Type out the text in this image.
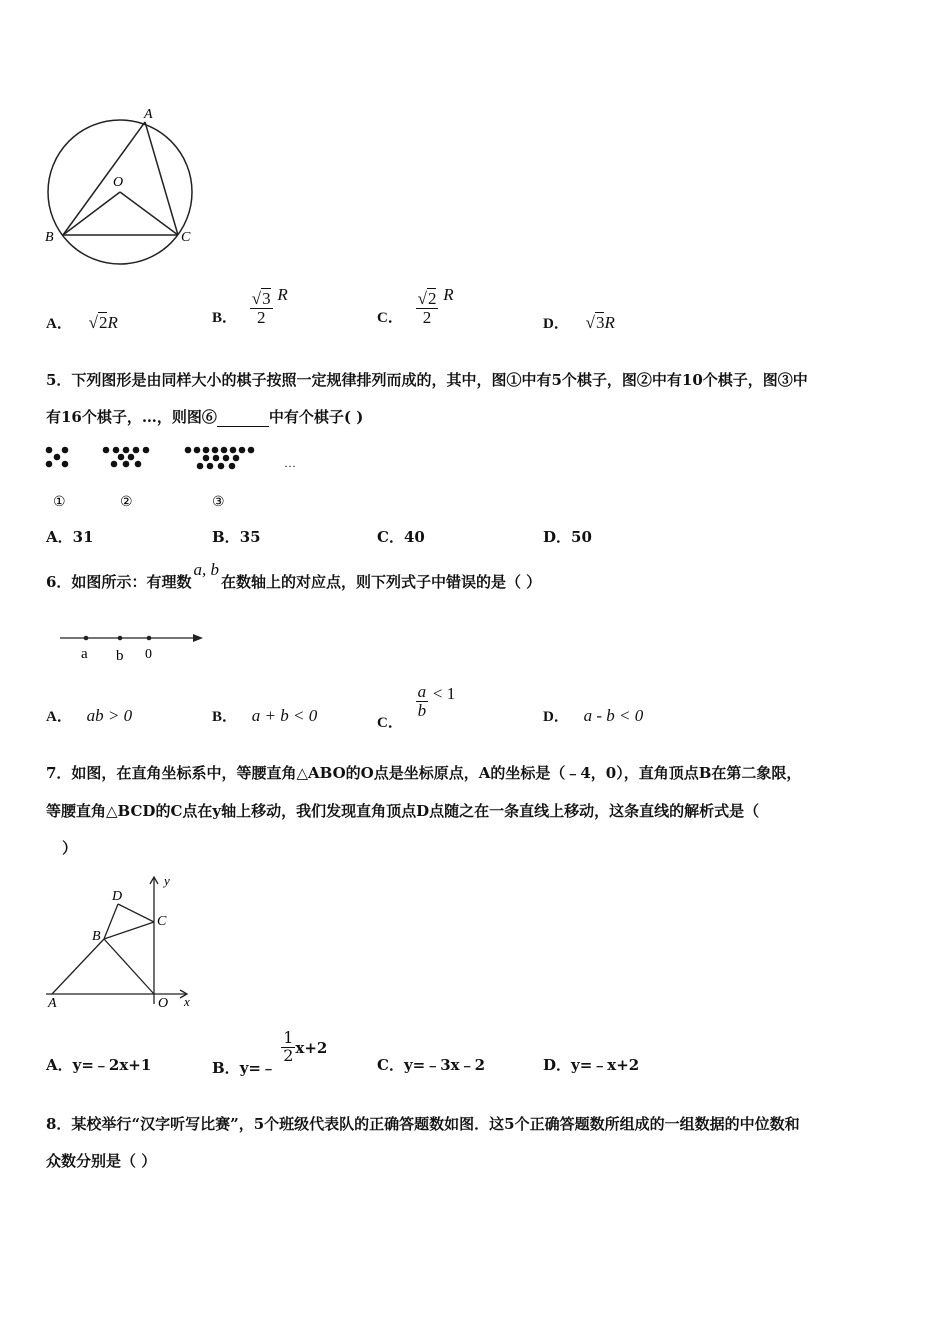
A
O
B	C
A． √2R	B． $\frac{√3}{2}$ R
C． $\frac{√2}{2}$ R
D． √3R
5．下列图形是由同样大小的棋子按照一定规律排列而成的，其中，图①中有5个棋子，图②中有10个棋子，图③中
有16个棋子，…，则图⑥	中有个棋子( )
①	②	③
…
A．31	B．35	C．40	D．50
6．如图所示：有理数a, b在数轴上的对应点，则下列式子中错误的是（ ）
a b 0
A． ab > 0	B． a + b < 0	C．
$\frac{a}{b} < 1$
D． a - b < 0
7．如图，在直角坐标系中，等腰直角△ABO的O点是坐标原点，A的坐标是（﹣4，0），直角顶点B在第二象限，
等腰直角△BCD的C点在y轴上移动，我们发现直角顶点D点随之在一条直线上移动，这条直线的解析式是（
）
y
D
C
B
A	O x
A．y=﹣2x+1	B．y=﹣
$\frac{1}{2} x+2$
C．y=﹣3x﹣2	D．y=﹣x+2
8．某校举行“汉字听写比赛”，5个班级代表队的正确答题数如图．这5个正确答题数所组成的一组数据的中位数和
众数分别是（ ）
